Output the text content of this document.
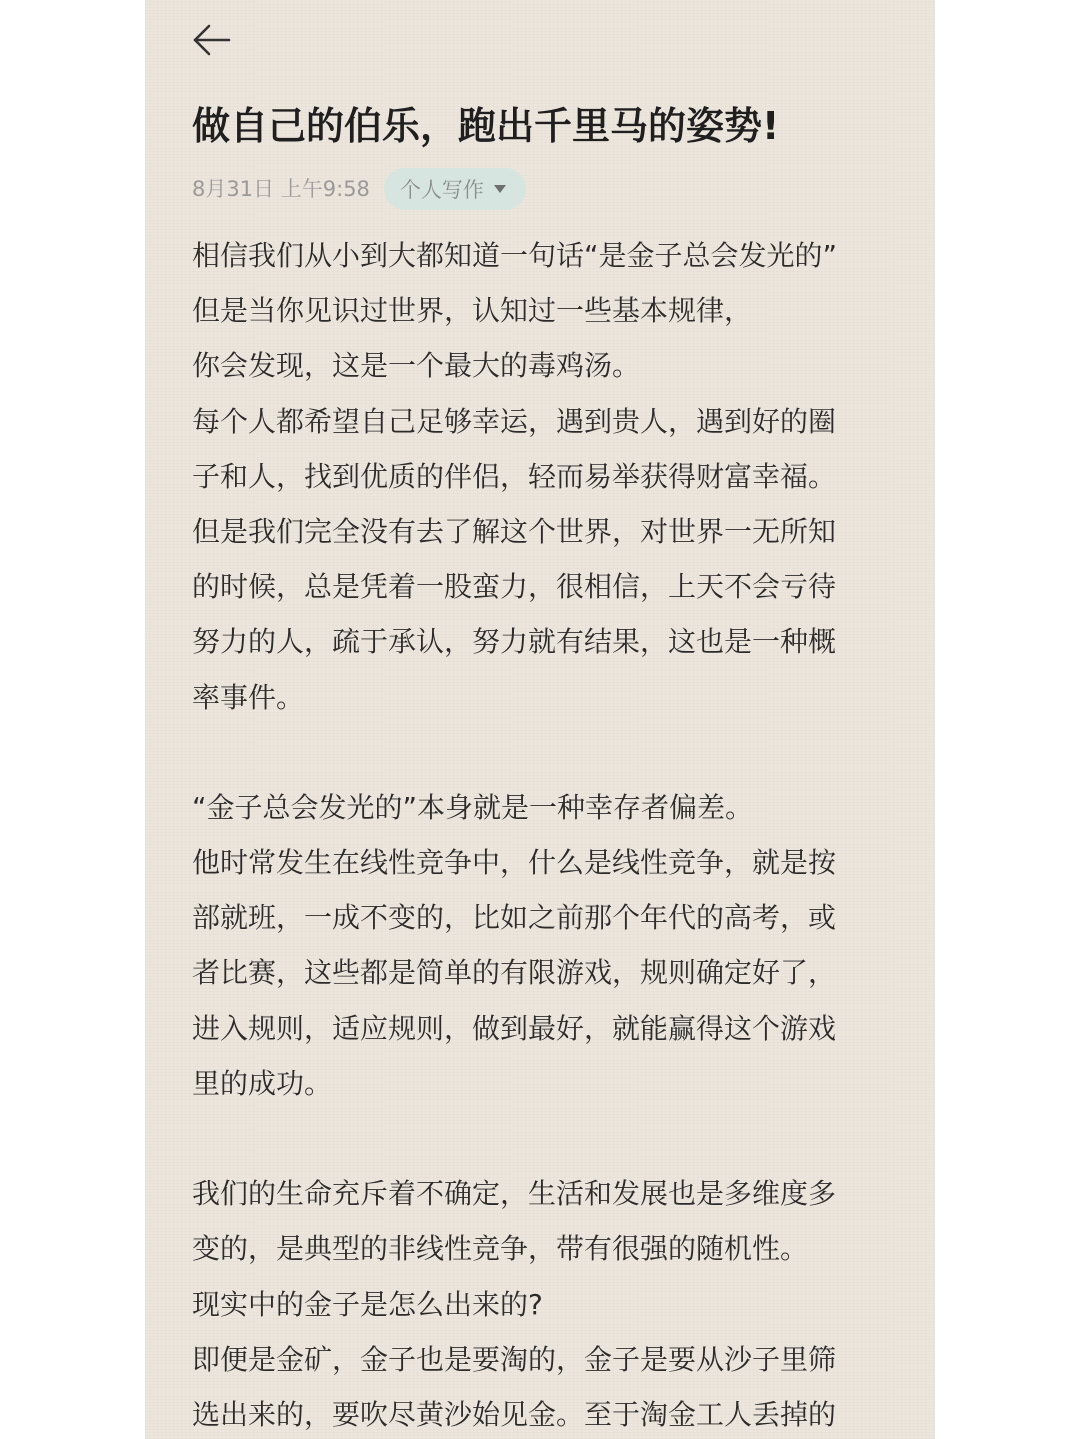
做自己的伯乐，跑出千里马的姿势!
8月31日 上午9:58 个人写作
相信我们从小到大都知道一句话“是金子总会发光的”
但是当你见识过世界，认知过一些基本规律，
你会发现，这是一个最大的毒鸡汤。
每个人都希望自己足够幸运，遇到贵人，遇到好的圈
子和人，找到优质的伴侣，轻而易举获得财富幸福。
但是我们完全没有去了解这个世界，对世界一无所知
的时候，总是凭着一股蛮力，很相信，上天不会亏待
努力的人，疏于承认，努力就有结果，这也是一种概
率事件。
“金子总会发光的”本身就是一种幸存者偏差。
他时常发生在线性竞争中，什么是线性竞争，就是按
部就班，一成不变的，比如之前那个年代的高考，或
者比赛，这些都是简单的有限游戏，规则确定好了，
进入规则，适应规则，做到最好，就能赢得这个游戏
里的成功。
我们的生命充斥着不确定，生活和发展也是多维度多
变的，是典型的非线性竞争，带有很强的随机性。
现实中的金子是怎么出来的?
即便是金矿，金子也是要淘的，金子是要从沙子里筛
选出来的，要吹尽黄沙始见金。至于淘金工人丢掉的
